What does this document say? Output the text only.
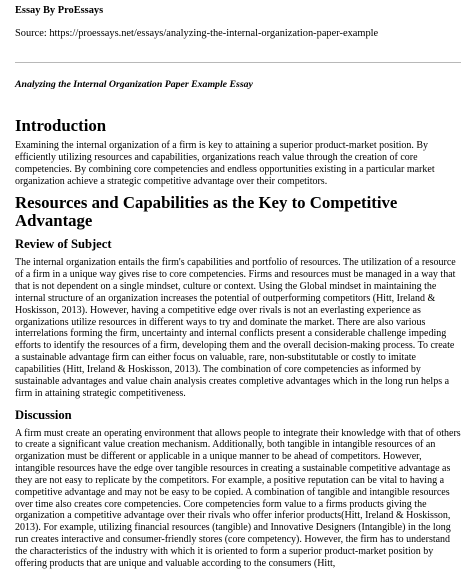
Essay By ProEssays
Source: https://proessays.net/essays/analyzing-the-internal-organization-paper-example
Analyzing the Internal Organization Paper Example Essay
Introduction

Examining the internal organization of a firm is key to attaining a superior product-market position. By efficiently utilizing resources and capabilities, organizations reach value through the creation of core competencies. By combining core competencies and endless opportunities existing in a particular market organization achieve a strategic competitive advantage over their competitors.

Resources and Capabilities as the Key to Competitive Advantage
Review of Subject

The internal organization entails the firm's capabilities and portfolio of resources. The utilization of a resource of a firm in a unique way gives rise to core competencies. Firms and resources must be managed in a way that that is not dependent on a single mindset, culture or context. Using the Global mindset in maintaining the internal structure of an organization increases the potential of outperforming competitors (Hitt, Ireland & Hoskisson, 2013). However, having a competitive edge over rivals is not an everlasting experience as organizations utilize resources in different ways to try and dominate the market. There are also various interrelations forming the firm, uncertainty and internal conflicts present a considerable challenge impeding efforts to identify the resources of a firm, developing them and the overall decision-making process. To create a sustainable advantage firm can either focus on valuable, rare, non-substitutable or costly to imitate capabilities (Hitt, Ireland & Hoskisson, 2013). The combination of core competencies as informed by sustainable advantages and value chain analysis creates completive advantages which in the long run helps a firm in attaining strategic competitiveness.

Discussion

A firm must create an operating environment that allows people to integrate their knowledge with that of others to create a significant value creation mechanism. Additionally, both tangible in intangible resources of an organization must be different or applicable in a unique manner to be ahead of competitors. However, intangible resources have the edge over tangible resources in creating a sustainable competitive advantage as they are not easy to replicate by the competitors. For example, a positive reputation can be vital to having a competitive advantage and may not be easy to be copied. A combination of tangible and intangible resources over time also creates core competencies. Core competencies form value to a firms products giving the organization a competitive advantage over their rivals who offer inferior products(Hitt, Ireland & Hoskisson, 2013). For example, utilizing financial resources (tangible) and Innovative Designers (Intangible) in the long run creates interactive and consumer-friendly stores (core competency). However, the firm has to understand the characteristics of the industry with which it is oriented to form a superior product-market position by offering products that are unique and valuable according to the consumers (Hitt,
